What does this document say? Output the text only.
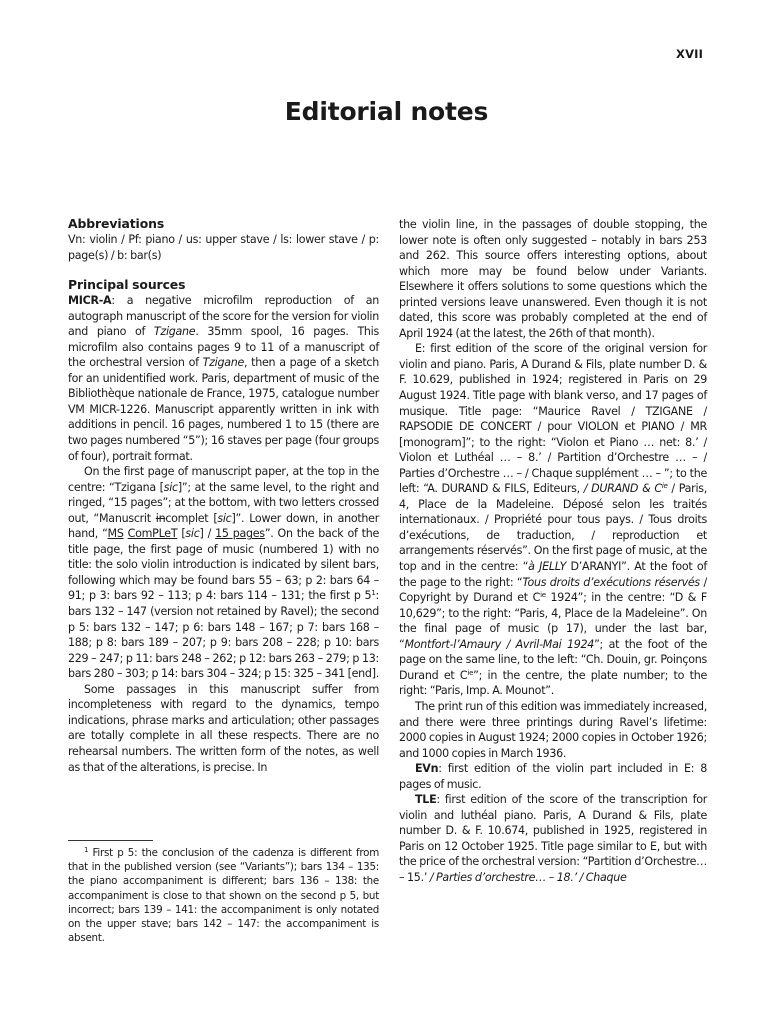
XVII
Editorial notes
Abbreviations

Vn: violin / Pf: piano / us: upper stave / ls: lower stave / p: page(s) / b: bar(s)

Principal sources

MICR-A: a negative microfilm reproduction of an autograph manuscript of the score for the version for violin and piano of Tzigane. 35mm spool, 16 pages. This microfilm also contains pages 9 to 11 of a manuscript of the orchestral version of Tzigane, then a page of a sketch for an unidentified work. Paris, department of music of the Bibliothèque nationale de France, 1975, catalogue number VM MICR-1226. Manuscript apparently written in ink with additions in pencil. 16 pages, numbered 1 to 15 (there are two pages numbered “5”); 16 staves per page (four groups of four), portrait format.

On the first page of manuscript paper, at the top in the centre: “Tzigana [sic]”; at the same level, to the right and ringed, “15 pages”; at the bottom, with two letters crossed out, “Manuscrit incomplet [sic]”. Lower down, in another hand, “MS ComPLeT [sic] / 15 pages”. On the back of the title page, the first page of music (numbered 1) with no title: the solo violin introduction is indicated by silent bars, following which may be found bars 55 – 63; p 2: bars 64 – 91; p 3: bars 92 – 113; p 4: bars 114 – 131; the first p $5^1$: bars 132 – 147 (version not retained by Ravel); the second p 5: bars 132 – 147; p 6: bars 148 – 167; p 7: bars 168 – 188; p 8: bars 189 – 207; p 9: bars 208 – 228; p 10: bars 229 – 247; p 11: bars 248 – 262; p 12: bars 263 – 279; p 13: bars 280 – 303; p 14: bars 304 – 324; p 15: 325 – 341 [end].

Some passages in this manuscript suffer from incompleteness with regard to the dynamics, tempo indications, phrase marks and articulation; other passages are totally complete in all these respects. There are no rehearsal numbers. The written form of the notes, as well as that of the alterations, is precise. In

$^1$ First p 5: the conclusion of the cadenza is different from that in the published version (see “Variants”); bars 134 – 135: the piano accompaniment is different; bars 136 – 138: the accompaniment is close to that shown on the second p 5, but incorrect; bars 139 – 141: the accompaniment is only notated on the upper stave; bars 142 – 147: the accompaniment is absent.

the violin line, in the passages of double stopping, the lower note is often only suggested – notably in bars 253 and 262. This source offers interesting options, about which more may be found below under Variants. Elsewhere it offers solutions to some questions which the printed versions leave unanswered. Even though it is not dated, this score was probably completed at the end of April 1924 (at the latest, the 26th of that month).

E: first edition of the score of the original version for violin and piano. Paris, A Durand & Fils, plate number D. & F. 10.629, published in 1924; registered in Paris on 29 August 1924. Title page with blank verso, and 17 pages of musique. Title page: “Maurice Ravel / TZIGANE / RAPSODIE DE CONCERT / pour VIOLON et PIANO / MR [monogram]”; to the right: “Violon et Piano … net: 8.’ / Violon et Luthéal … – 8.’ / Partition d’Orchestre … – / Parties d’Orchestre … – / Chaque supplément … – ”; to the left: “A. DURAND & FILS, Editeurs, / DURAND & $C^{ie}$ / Paris, 4, Place de la Madeleine. Déposé selon les traités internationaux. / Propriété pour tous pays. / Tous droits d’exécutions, de traduction, / reproduction et arrangements réservés”. On the first page of music, at the top and in the centre: “à JELLY D’ARANYI”. At the foot of the page to the right: “Tous droits d’exécutions réservés / Copyright by Durand et $C^{ie}$ 1924”; in the centre: “D & F 10,629”; to the right: “Paris, 4, Place de la Madeleine”. On the final page of music (p 17), under the last bar, “Montfort-l’Amaury / Avril-Mai 1924”; at the foot of the page on the same line, to the left: “Ch. Douin, gr. Poinçons Durand et $C^{ie}$”; in the centre, the plate number; to the right: “Paris, Imp. A. Mounot”.

The print run of this edition was immediately increased, and there were three printings during Ravel’s lifetime: 2000 copies in August 1924; 2000 copies in October 1926; and 1000 copies in March 1936.

EVn: first edition of the violin part included in E: 8 pages of music.

TLE: first edition of the score of the transcription for violin and luthéal piano. Paris, A Durand & Fils, plate number D. & F. 10.674, published in 1925, registered in Paris on 12 October 1925. Title page similar to E, but with the price of the orchestral version: “Partition d’Orchestre… – 15.’ / Parties d’orchestre… – 18.’ / Chaque
